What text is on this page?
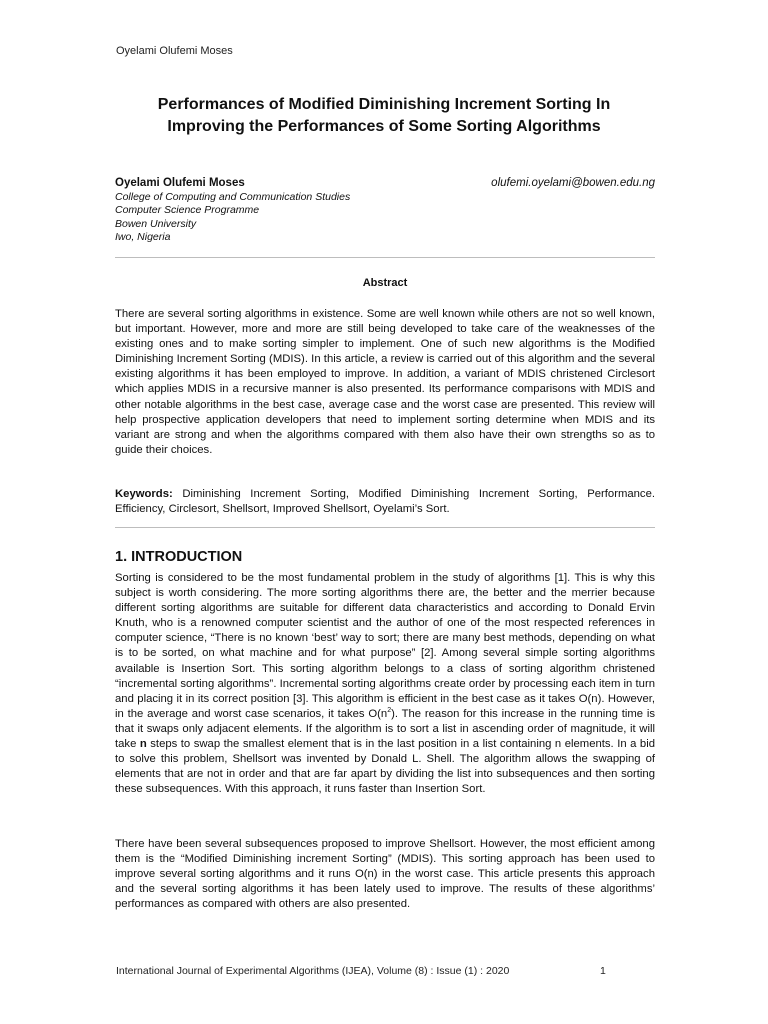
Oyelami Olufemi Moses
Performances of Modified Diminishing Increment Sorting In
Improving the Performances of Some Sorting Algorithms
Oyelami Olufemi Moses	olufemi.oyelami@bowen.edu.ng
College of Computing and Communication Studies
Computer Science Programme
Bowen University
Iwo, Nigeria
Abstract
There are several sorting algorithms in existence. Some are well known while others are not so well known, but important. However, more and more are still being developed to take care of the weaknesses of the existing ones and to make sorting simpler to implement. One of such new algorithms is the Modified Diminishing Increment Sorting (MDIS). In this article, a review is carried out of this algorithm and the several existing algorithms it has been employed to improve. In addition, a variant of MDIS christened Circlesort which applies MDIS in a recursive manner is also presented. Its performance comparisons with MDIS and other notable algorithms in the best case, average case and the worst case are presented. This review will help prospective application developers that need to implement sorting determine when MDIS and its variant are strong and when the algorithms compared with them also have their own strengths so as to guide their choices.
Keywords: Diminishing Increment Sorting, Modified Diminishing Increment Sorting, Performance. Efficiency, Circlesort, Shellsort, Improved Shellsort, Oyelami’s Sort.
1. INTRODUCTION
Sorting is considered to be the most fundamental problem in the study of algorithms [1]. This is why this subject is worth considering. The more sorting algorithms there are, the better and the merrier because different sorting algorithms are suitable for different data characteristics and according to Donald Ervin Knuth, who is a renowned computer scientist and the author of one of the most respected references in computer science, “There is no known ‘best’ way to sort; there are many best methods, depending on what is to be sorted, on what machine and for what purpose” [2]. Among several simple sorting algorithms available is Insertion Sort. This sorting algorithm belongs to a class of sorting algorithm christened “incremental sorting algorithms”. Incremental sorting algorithms create order by processing each item in turn and placing it in its correct position [3]. This algorithm is efficient in the best case as it takes O(n). However, in the average and worst case scenarios, it takes $O(n^2)$. The reason for this increase in the running time is that it swaps only adjacent elements. If the algorithm is to sort a list in ascending order of magnitude, it will take n steps to swap the smallest element that is in the last position in a list containing n elements. In a bid to solve this problem, Shellsort was invented by Donald L. Shell. The algorithm allows the swapping of elements that are not in order and that are far apart by dividing the list into subsequences and then sorting these subsequences. With this approach, it runs faster than Insertion Sort.
There have been several subsequences proposed to improve Shellsort. However, the most efficient among them is the “Modified Diminishing increment Sorting” (MDIS). This sorting approach has been used to improve several sorting algorithms and it runs O(n) in the worst case. This article presents this approach and the several sorting algorithms it has been lately used to improve. The results of these algorithms’ performances as compared with others are also presented.
International Journal of Experimental Algorithms (IJEA), Volume (8) : Issue (1) : 2020	1
